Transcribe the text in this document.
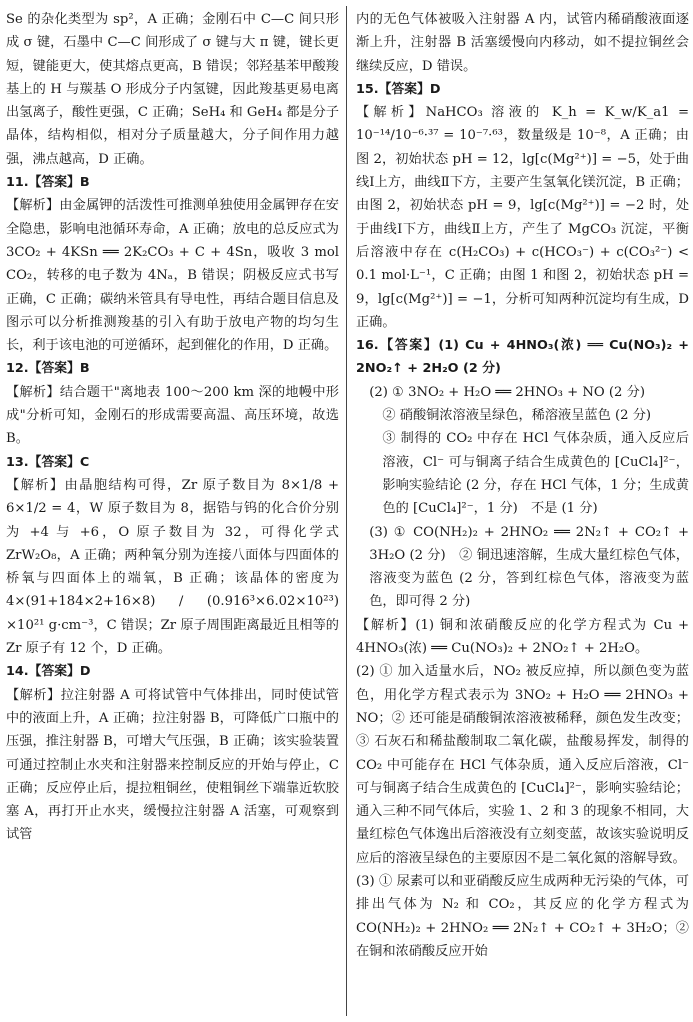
Se 的杂化类型为 sp²，A 正确；金刚石中 C—C 间只形成 σ 键，石墨中 C—C 间形成了 σ 键与大 π 键，键长更短，键能更大，使其熔点更高，B 错误；邻羟基苯甲酸羧基上的 H 与羰基 O 形成分子内氢键，因此羧基更易电离出氢离子，酸性更强，C 正确；SeH₄ 和 GeH₄ 都是分子晶体，结构相似，相对分子质量越大，分子间作用力越强，沸点越高，D 正确。

11.【答案】B

【解析】由金属钾的活泼性可推测单独使用金属钾存在安全隐患，影响电池循环寿命，A 正确；放电的总反应式为 3CO₂ + 4KSn ══ 2K₂CO₃ + C + 4Sn，吸收 3 mol CO₂，转移的电子数为 4Nₐ，B 错误；阴极反应式书写正确，C 正确；碳纳米管具有导电性，再结合题目信息及图示可以分析推测羧基的引入有助于放电产物的均匀生长，利于该电池的可逆循环，起到催化的作用，D 正确。

12.【答案】B

【解析】结合题干"离地表 100～200 km 深的地幔中形成"分析可知，金刚石的形成需要高温、高压环境，故选 B。

13.【答案】C

【解析】由晶胞结构可得，Zr 原子数目为 8×1/8 + 6×1/2 = 4，W 原子数目为 8，据锆与钨的化合价分别为 +4 与 +6，O 原子数目为 32，可得化学式 ZrW₂O₈，A 正确；两种氧分别为连接八面体与四面体的桥氧与四面体上的端氧，B 正确；该晶体的密度为 4×(91+184×2+16×8) / (0.916³×6.02×10²³) ×10²¹ g·cm⁻³，C 错误；Zr 原子周围距离最近且相等的 Zr 原子有 12 个，D 正确。

14.【答案】D

【解析】拉注射器 A 可将试管中气体排出，同时使试管中的液面上升，A 正确；拉注射器 B，可降低广口瓶中的压强，推注射器 B，可增大气压强，B 正确；该实验装置可通过控制止水夹和注射器来控制反应的开始与停止，C 正确；反应停止后，提拉粗铜丝，使粗铜丝下端靠近软胶塞 A，再打开止水夹，缓慢拉注射器 A 活塞，可观察到试管

内的无色气体被吸入注射器 A 内，试管内稀硝酸液面逐渐上升，注射器 B 活塞缓慢向内移动，如不提拉铜丝会继续反应，D 错误。

15.【答案】D

【解析】NaHCO₃ 溶液的 K_h = K_w/K_a1 = 10⁻¹⁴/10⁻⁶·³⁷ = 10⁻⁷·⁶³，数量级是 10⁻⁸，A 正确；由图 2，初始状态 pH = 12，lg[c(Mg²⁺)] = −5，处于曲线Ⅰ上方，曲线Ⅱ下方，主要产生氢氧化镁沉淀，B 正确；由图 2，初始状态 pH = 9，lg[c(Mg²⁺)] = −2 时，处于曲线Ⅰ下方，曲线Ⅱ上方，产生了 MgCO₃ 沉淀，平衡后溶液中存在 c(H₂CO₃) + c(HCO₃⁻) + c(CO₃²⁻) < 0.1 mol·L⁻¹，C 正确；由图 1 和图 2，初始状态 pH = 9，lg[c(Mg²⁺)] = −1，分析可知两种沉淀均有生成，D 正确。

16.【答案】(1) Cu + 4HNO₃(浓) ══ Cu(NO₃)₂ + 2NO₂↑ + 2H₂O (2 分)

(2) ① 3NO₂ + H₂O ══ 2HNO₃ + NO (2 分)

② 硝酸铜浓溶液呈绿色，稀溶液呈蓝色 (2 分)

③ 制得的 CO₂ 中存在 HCl 气体杂质，通入反应后溶液，Cl⁻ 可与铜离子结合生成黄色的 [CuCl₄]²⁻，影响实验结论 (2 分，存在 HCl 气体，1 分；生成黄色的 [CuCl₄]²⁻，1 分)　不是 (1 分)

(3) ① CO(NH₂)₂ + 2HNO₂ ══ 2N₂↑ + CO₂↑ + 3H₂O (2 分)　② 铜迅速溶解，生成大量红棕色气体，溶液变为蓝色 (2 分，答到红棕色气体，溶液变为蓝色，即可得 2 分)

【解析】(1) 铜和浓硝酸反应的化学方程式为 Cu + 4HNO₃(浓) ══ Cu(NO₃)₂ + 2NO₂↑ + 2H₂O。

(2) ① 加入适量水后，NO₂ 被反应掉，所以颜色变为蓝色，用化学方程式表示为 3NO₂ + H₂O ══ 2HNO₃ + NO；② 还可能是硝酸铜浓溶液被稀释，颜色发生改变；③ 石灰石和稀盐酸制取二氧化碳，盐酸易挥发，制得的 CO₂ 中可能存在 HCl 气体杂质，通入反应后溶液，Cl⁻ 可与铜离子结合生成黄色的 [CuCl₄]²⁻，影响实验结论；通入三种不同气体后，实验 1、2 和 3 的现象不相同，大量红棕色气体逸出后溶液没有立刻变蓝，故该实验说明反应后的溶液呈绿色的主要原因不是二氧化氮的溶解导致。

(3) ① 尿素可以和亚硝酸反应生成两种无污染的气体，可排出气体为 N₂ 和 CO₂，其反应的化学方程式为 CO(NH₂)₂ + 2HNO₂ ══ 2N₂↑ + CO₂↑ + 3H₂O；② 在铜和浓硝酸反应开始
